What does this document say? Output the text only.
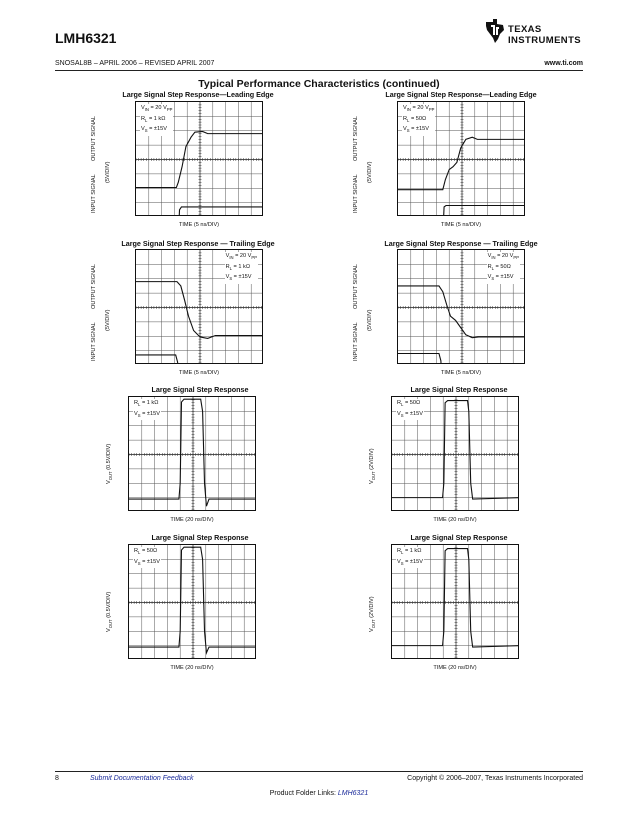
LMH6321
TEXAS
INSTRUMENTS
SNOSAL8B – APRIL 2006 – REVISED APRIL 2007	www.ti.com
Typical Performance Characteristics (continued)
Large Signal Step Response—Leading Edge
$V_{IN} = 20$ $V_{PP}$
$R_L = 1$ kΩ
$V_S = \pm 15V$
TIME (5 ns/DIV)
OUTPUT SIGNAL
INPUT SIGNAL
(5V/DIV)
Large Signal Step Response—Leading Edge
$V_{IN} = 20$ $V_{PP}$
$R_L = 50\Omega$
$V_S = \pm 15V$
TIME (5 ns/DIV)
OUTPUT SIGNAL
INPUT SIGNAL
(5V/DIV)
Large Signal Step Response — Trailing Edge
$V_{IN} = 20$ $V_{PP}$
$R_L = 1$ kΩ
$V_S = \pm 15V$
TIME (5 ns/DIV)
OUTPUT SIGNAL
INPUT SIGNAL
(5V/DIV)
Large Signal Step Response — Trailing Edge
$V_{IN} = 20$ $V_{PP}$
$R_L = 50\Omega$
$V_S = \pm 15V$
TIME (5 ns/DIV)
OUTPUT SIGNAL
INPUT SIGNAL
(5V/DIV)
Large Signal Step Response
$R_L = 1$ kΩ
$V_S = \pm 15V$
TIME (20 ns/DIV)
$V_{OUT}$ (0.5V/DIV)
Large Signal Step Response
$R_L = 50\Omega$
$V_S = \pm 15V$
TIME (20 ns/DIV)
$V_{OUT}$ (2V/DIV)
Large Signal Step Response
$R_L = 50\Omega$
$V_S = \pm 15V$
TIME (20 ns/DIV)
$V_{OUT}$ (0.5V/DIV)
Large Signal Step Response
$R_L = 1$ kΩ
$V_S = \pm 15V$
TIME (20 ns/DIV)
$V_{OUT}$ (2V/DIV)
8	Submit Documentation Feedback	Copyright © 2006–2007, Texas Instruments Incorporated
Product Folder Links: LMH6321
